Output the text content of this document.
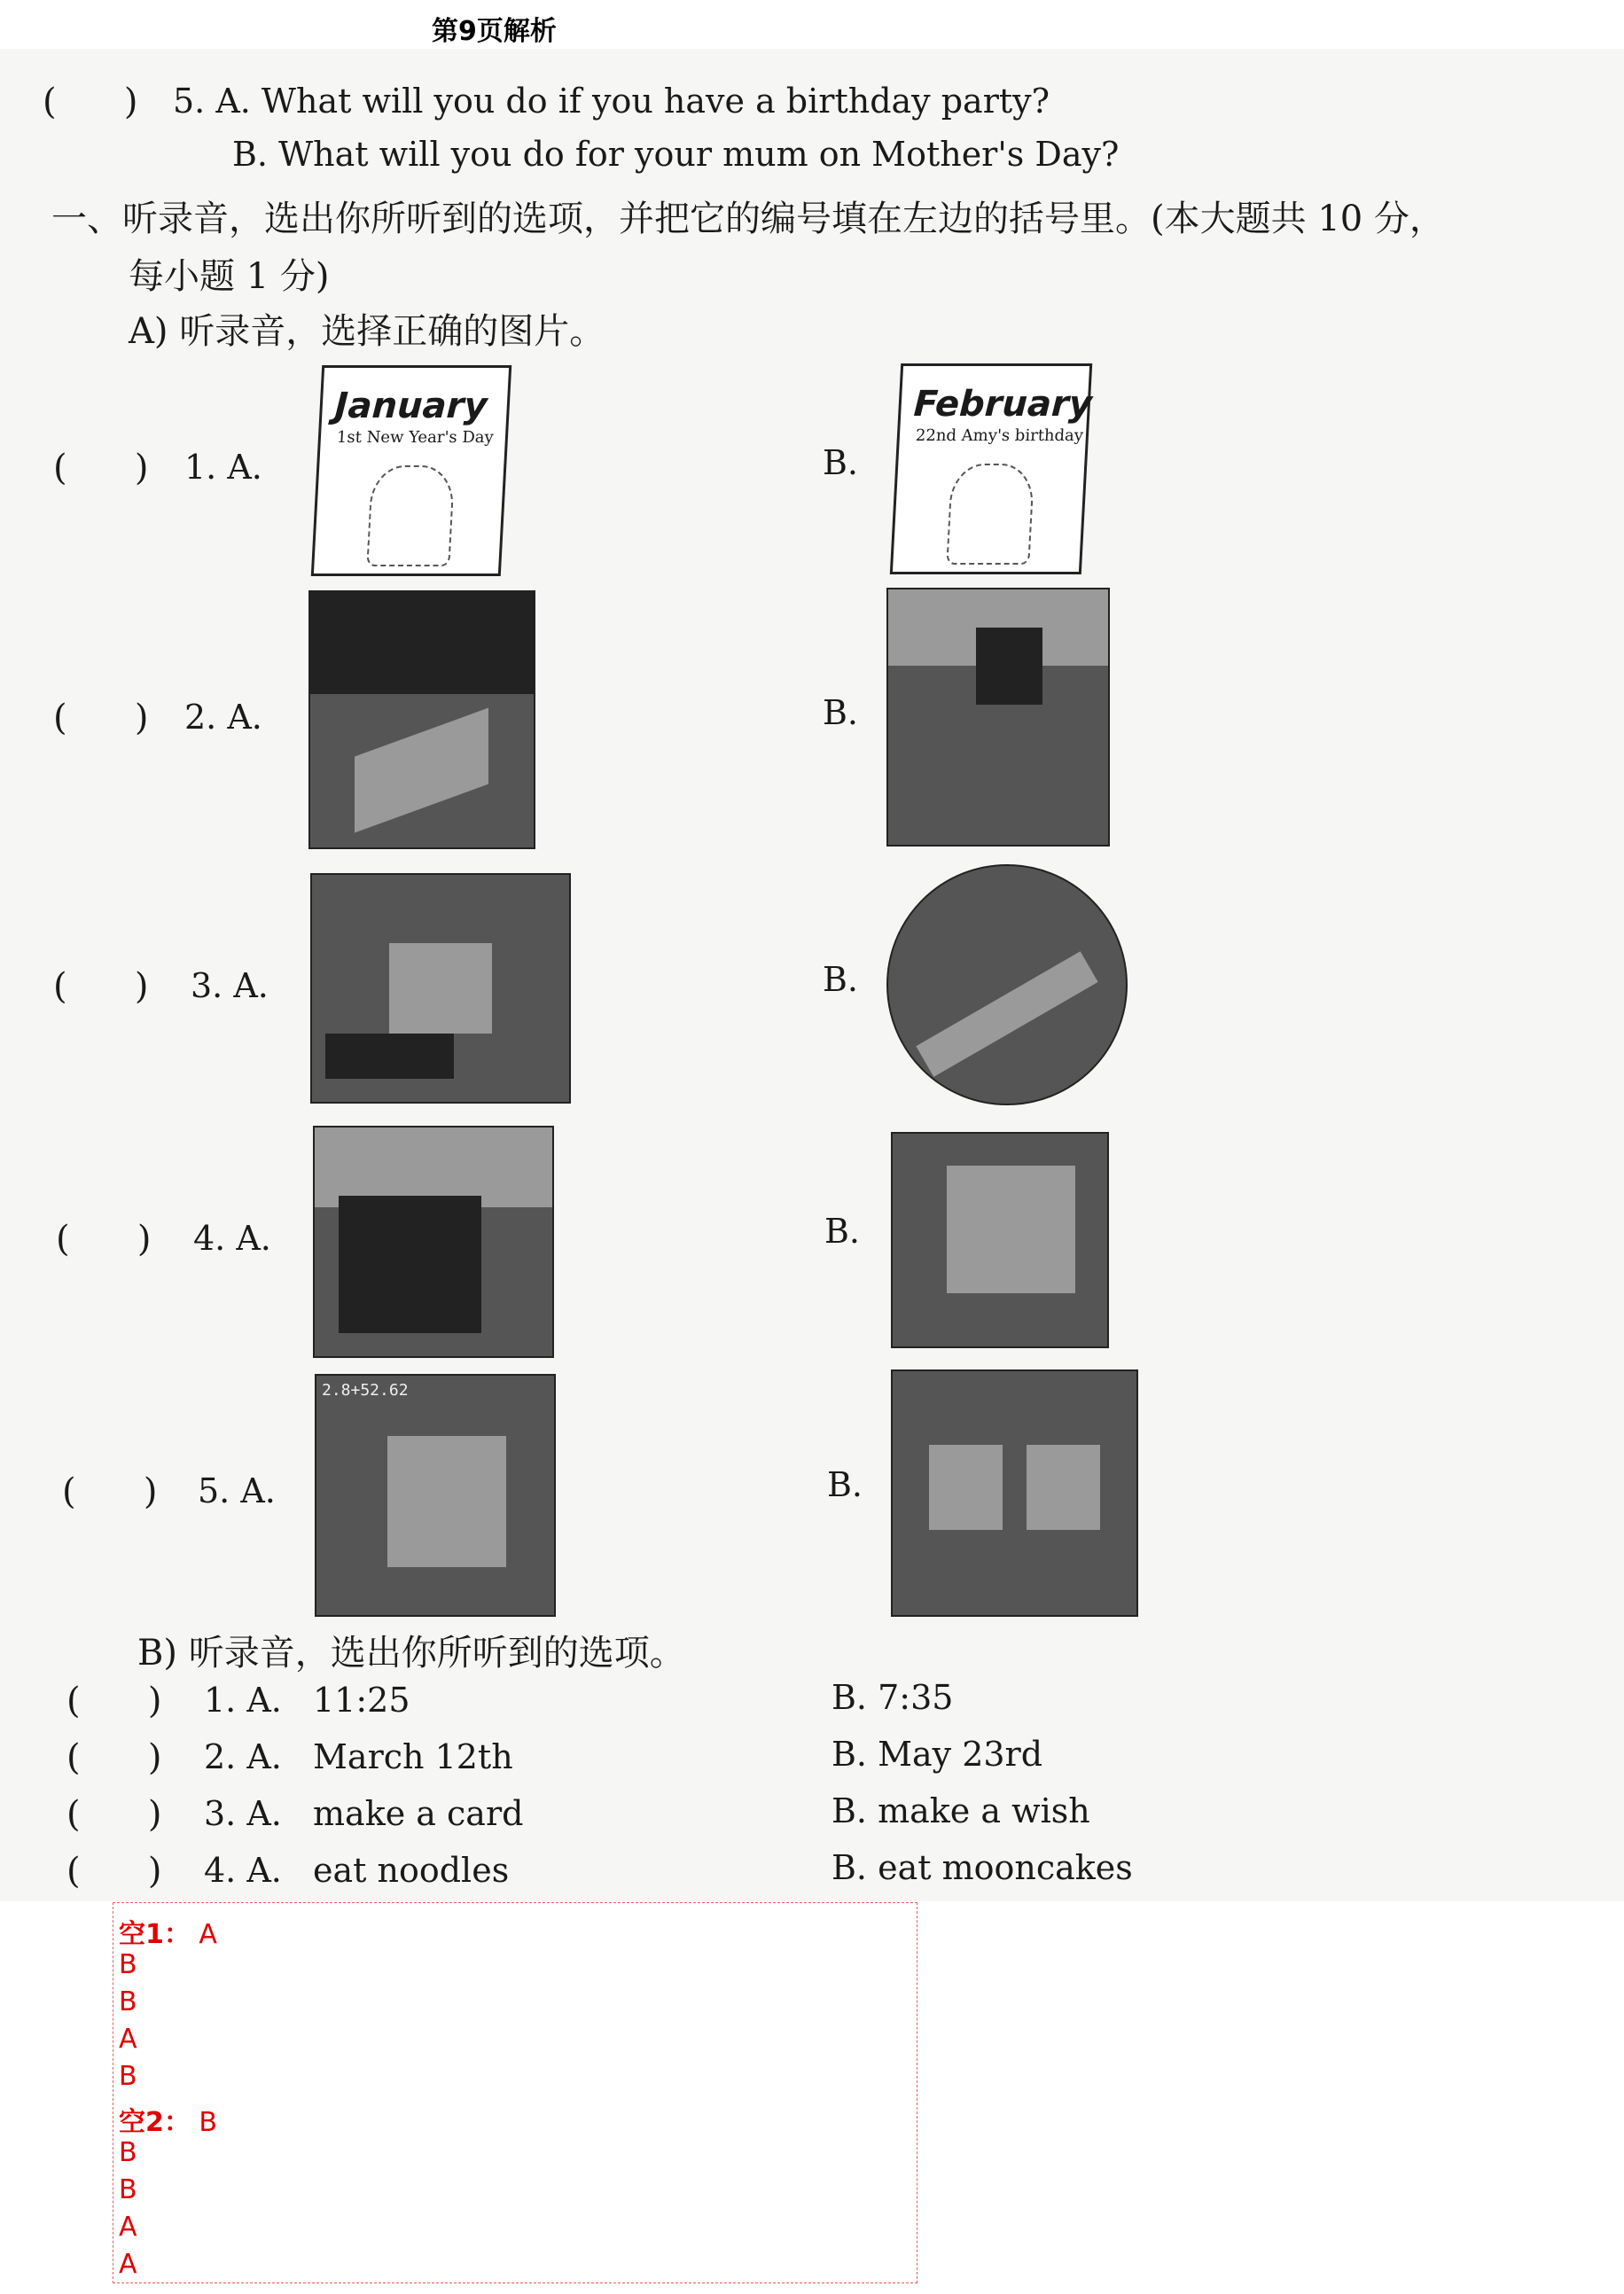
第9页解析
(      ) 5. A. What will you do if you have a birthday party?
B. What will you do for your mum on Mother's Day?
一、听录音，选出你所听到的选项，并把它的编号填在左边的括号里。(本大题共 10 分，
每小题 1 分)
A) 听录音，选择正确的图片。
(      ) 1. A.
January
1st New Year's Day
B.
February
22nd Amy's birthday
(      ) 2. A.	B.
(      ) 3. A.	B.
(      ) 4. A.	B.
(      ) 5. A.
2.8+52.62
B.
B) 听录音，选出你所听到的选项。
(      ) 1. A. 11:25	B. 7:35
(      ) 2. A. March 12th	B. May 23rd
(      ) 3. A. make a card	B. make a wish
(      ) 4. A. eat noodles	B. eat mooncakes
空1： A
B
B
A
B
空2： B
B
B
A
A
